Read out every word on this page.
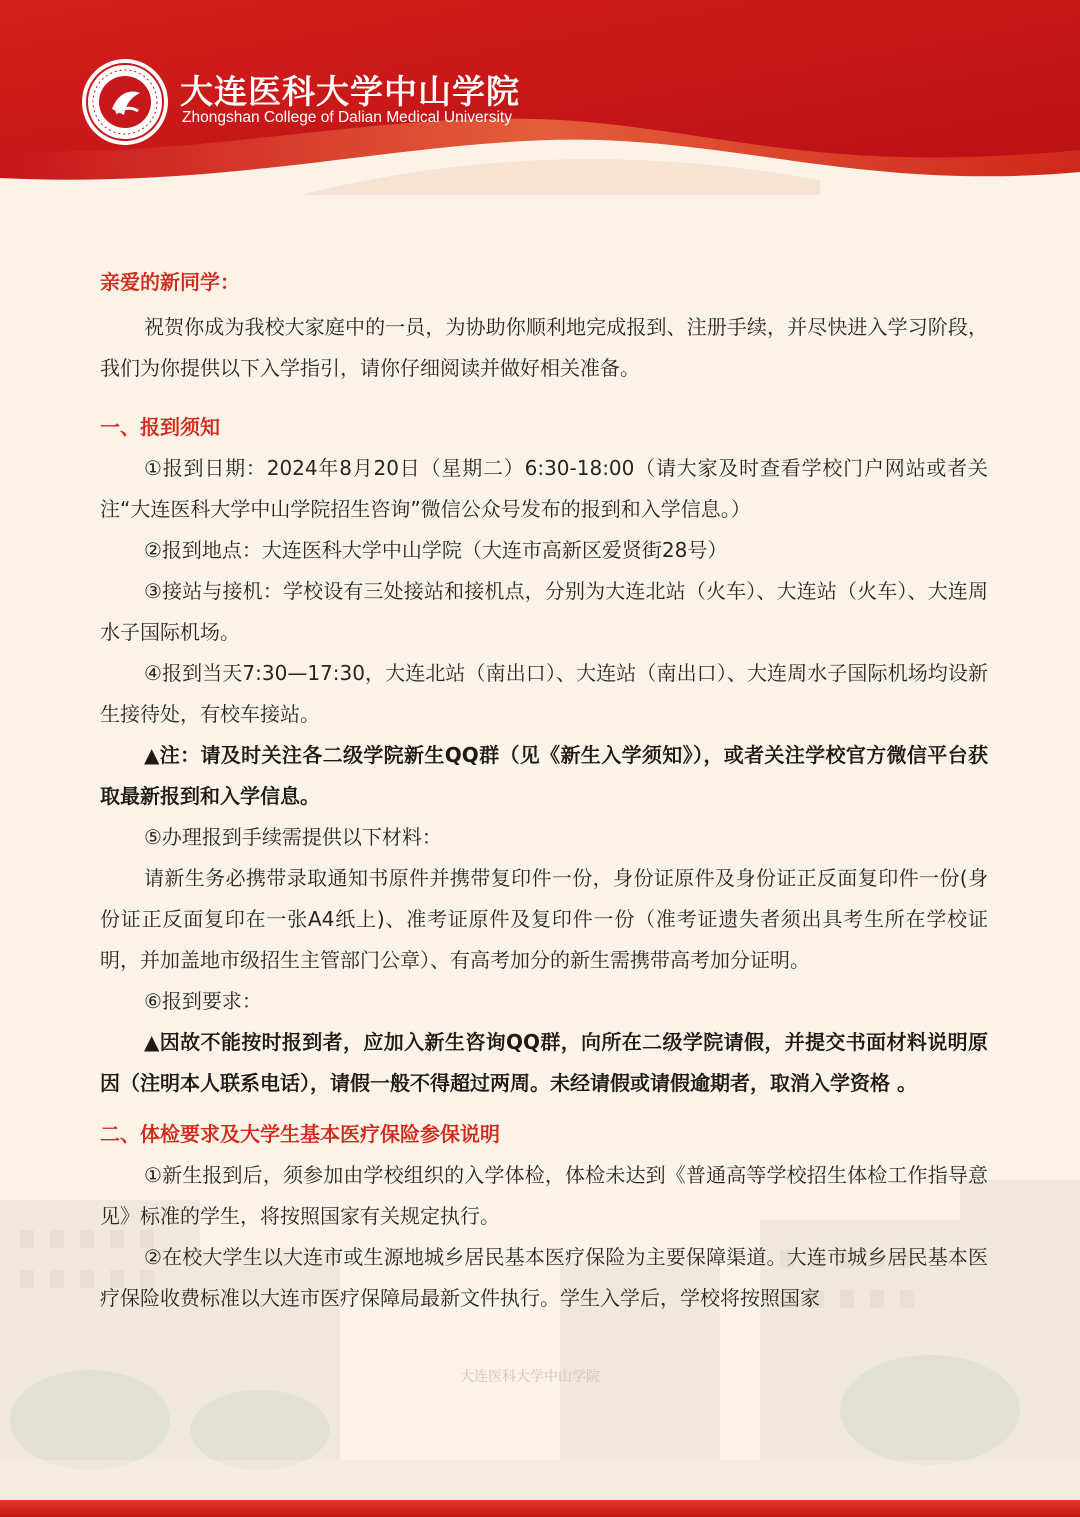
大连医科大学中山学院
Zhongshan College of Dalian Medical University
大连医科大学中山学院

亲爱的新同学：

祝贺你成为我校大家庭中的一员，为协助你顺利地完成报到、注册手续，并尽快进入学习阶段，我们为你提供以下入学指引，请你仔细阅读并做好相关准备。

一、报到须知

①报到日期：2024年8月20日（星期二）6:30-18:00（请大家及时查看学校门户网站或者关注“大连医科大学中山学院招生咨询”微信公众号发布的报到和入学信息。）

②报到地点：大连医科大学中山学院（大连市高新区爱贤街28号）

③接站与接机：学校设有三处接站和接机点，分别为大连北站（火车）、大连站（火车）、大连周水子国际机场。

④报到当天7:30—17:30，大连北站（南出口）、大连站（南出口）、大连周水子国际机场均设新生接待处，有校车接站。

▲注：请及时关注各二级学院新生QQ群（见《新生入学须知》），或者关注学校官方微信平台获取最新报到和入学信息。

⑤办理报到手续需提供以下材料：

请新生务必携带录取通知书原件并携带复印件一份，身份证原件及身份证正反面复印件一份(身份证正反面复印在一张A4纸上)、准考证原件及复印件一份（准考证遗失者须出具考生所在学校证明，并加盖地市级招生主管部门公章）、有高考加分的新生需携带高考加分证明。

⑥报到要求：

▲因故不能按时报到者，应加入新生咨询QQ群，向所在二级学院请假，并提交书面材料说明原因（注明本人联系电话），请假一般不得超过两周。未经请假或请假逾期者，取消入学资格 。

二、体检要求及大学生基本医疗保险参保说明

①新生报到后，须参加由学校组织的入学体检，体检未达到《普通高等学校招生体检工作指导意见》标准的学生，将按照国家有关规定执行。

②在校大学生以大连市或生源地城乡居民基本医疗保险为主要保障渠道。大连市城乡居民基本医疗保险收费标准以大连市医疗保障局最新文件执行。学生入学后，学校将按照国家
